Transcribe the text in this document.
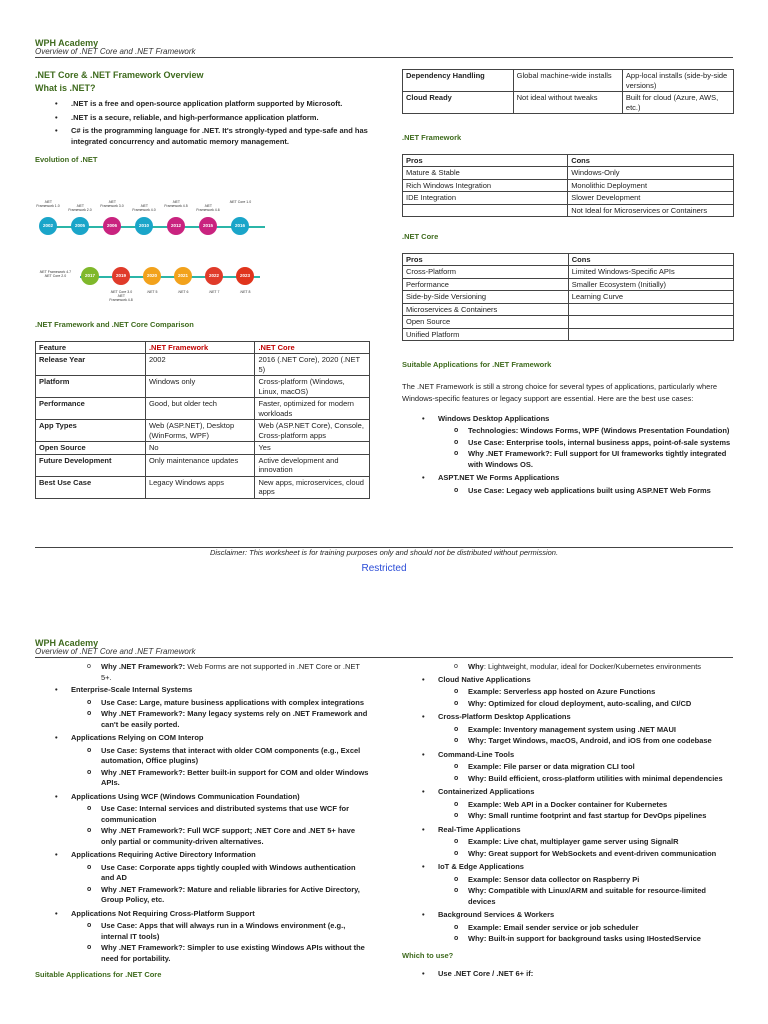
WPH Academy
Overview of .NET Core and .NET Framework
.NET Core & .NET Framework Overview
What is .NET?
• .NET is a free and open-source application platform supported by Microsoft.
• .NET is a secure, reliable, and high-performance application platform.
• C# is the programming language for .NET. It's strongly-typed and type-safe and has integrated concurrency and automatic memory management.
Evolution of .NET
2002
.NET Framework 1.0
2005
.NET Framework 2.0
2006
.NET Framework 3.0
2010
.NET Framework 4.0
2012
.NET Framework 4.5
2015
.NET Framework 4.6
2016
.NET Core 1.0
2017
.NET Framework 4.7 .NET Core 2.0	2019
.NET Core 3.0 .NET Framework 4.8
2020
.NET 5
2021
.NET 6
2022
.NET 7
2023
.NET 8
.NET Framework and .NET Core Comparison
Feature	.NET Framework	.NET Core
Release Year	2002	2016 (.NET Core), 2020 (.NET 5)
Platform	Windows only	Cross-platform (Windows, Linux, macOS)
Performance	Good, but older tech	Faster, optimized for modern workloads
App Types	Web (ASP.NET), Desktop (WinForms, WPF)	Web (ASP.NET Core), Console, Cross-platform apps
Open Source	No	Yes
Future Development	Only maintenance updates	Active development and innovation
Best Use Case	Legacy Windows apps	New apps, microservices, cloud apps
Dependency Handling	Global machine-wide installs	App-local installs (side-by-side versions)
Cloud Ready	Not ideal without tweaks	Built for cloud (Azure, AWS, etc.)
.NET Framework
Pros	Cons
Mature & Stable	Windows-Only
Rich Windows Integration	Monolithic Deployment
IDE Integration	Slower Development
	Not Ideal for Microservices or Containers
.NET Core
Pros	Cons
Cross-Platform	Limited Windows-Specific APIs
Performance	Smaller Ecosystem (Initially)
Side-by-Side Versioning	Learning Curve
Microservices & Containers	
Open Source	
Unified Platform	
Suitable Applications for .NET Framework
The .NET Framework is still a strong choice for several types of applications, particularly where Windows-specific features or legacy support are essential. Here are the best use cases:
• Windows Desktop Applications
o Technologies: Windows Forms, WPF (Windows Presentation Foundation)
o Use Case: Enterprise tools, internal business apps, point-of-sale systems
o Why .NET Framework?: Full support for UI frameworks tightly integrated with Windows OS.
• ASPT.NET We Forms Applications
o Use Case: Legacy web applications built using ASP.NET Web Forms
Disclaimer: This worksheet is for training purposes only and should not be distributed without permission.
Restricted
WPH Academy
Overview of .NET Core and .NET Framework
o Why .NET Framework?: Web Forms are not supported in .NET Core or .NET 5+.
• Enterprise-Scale Internal Systems
o Use Case: Large, mature business applications with complex integrations
o Why .NET Framework?: Many legacy systems rely on .NET Framework and can't be easily ported.
• Applications Relying on COM Interop
o Use Case: Systems that interact with older COM components (e.g., Excel automation, Office plugins)
o Why .NET Framework?: Better built-in support for COM and older Windows APIs.
• Applications Using WCF (Windows Communication Foundation)
o Use Case: Internal services and distributed systems that use WCF for communication
o Why .NET Framework?: Full WCF support; .NET Core and .NET 5+ have only partial or community-driven alternatives.
• Applications Requiring Active Directory Information
o Use Case: Corporate apps tightly coupled with Windows authentication and AD
o Why .NET Framework?: Mature and reliable libraries for Active Directory, Group Policy, etc.
• Applications Not Requiring Cross-Platform Support
o Use Case: Apps that will always run in a Windows environment (e.g., internal IT tools)
o Why .NET Framework?: Simpler to use existing Windows APIs without the need for portability.
Suitable Applications for .NET Core
o Why: Lightweight, modular, ideal for Docker/Kubernetes environments
• Cloud Native Applications
o Example: Serverless app hosted on Azure Functions
o Why: Optimized for cloud deployment, auto-scaling, and CI/CD
• Cross-Platform Desktop Applications
o Example: Inventory management system using .NET MAUI
o Why: Target Windows, macOS, Android, and iOS from one codebase
• Command-Line Tools
o Example: File parser or data migration CLI tool
o Why: Build efficient, cross-platform utilities with minimal dependencies
• Containerized Applications
o Example: Web API in a Docker container for Kubernetes
o Why: Small runtime footprint and fast startup for DevOps pipelines
• Real-Time Applications
o Example: Live chat, multiplayer game server using SignalR
o Why: Great support for WebSockets and event-driven communication
• IoT & Edge Applications
o Example: Sensor data collector on Raspberry Pi
o Why: Compatible with Linux/ARM and suitable for resource-limited devices
• Background Services & Workers
o Example: Email sender service or job scheduler
o Why: Built-in support for background tasks using IHostedService
Which to use?
• Use .NET Core / .NET 6+ if:
